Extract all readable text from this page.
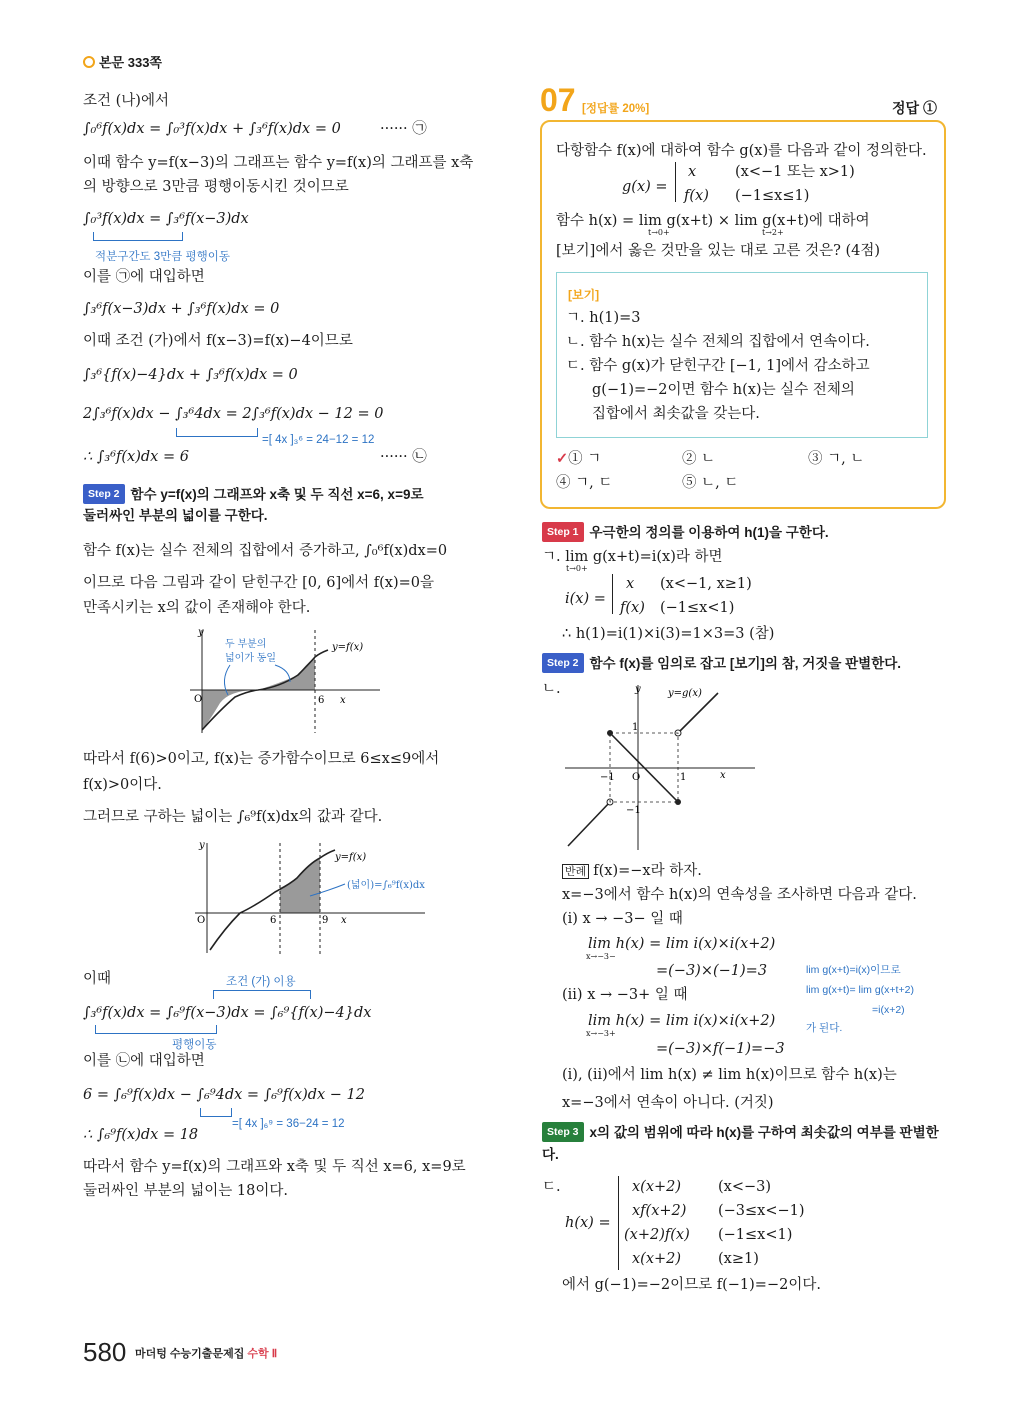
본문 333쪽
조건 (나)에서
∫₀⁶f(x)dx = ∫₀³f(x)dx + ∫₃⁶f(x)dx = 0	······ ㉠
이때 함수 y=f(x−3)의 그래프는 함수 y=f(x)의 그래프를 x축
의 방향으로 3만큼 평행이동시킨 것이므로
∫₀³f(x)dx = ∫₃⁶f(x−3)dx
적분구간도 3만큼 평행이동
이를 ㉠에 대입하면
∫₃⁶f(x−3)dx + ∫₃⁶f(x)dx = 0
이때 조건 (가)에서 f(x−3)=f(x)−4이므로
∫₃⁶{f(x)−4}dx + ∫₃⁶f(x)dx = 0
2∫₃⁶f(x)dx − ∫₃⁶4dx = 2∫₃⁶f(x)dx − 12 = 0
=[ 4x ]₃⁶ = 24−12 = 12
∴ ∫₃⁶f(x)dx = 6	······ ㉡
Step 2 함수 y=f(x)의 그래프와 x축 및 두 직선 x=6, x=9로
둘러싸인 부분의 넓이를 구한다.
함수 f(x)는 실수 전체의 집합에서 증가하고, ∫₀⁶f(x)dx=0
이므로 다음 그림과 같이 닫힌구간 [0, 6]에서 f(x)=0을
만족시키는 x의 값이 존재해야 한다.
y
x
O	6
y=f(x)
두 부분의
넓이가 동일
따라서 f(6)>0이고, f(x)는 증가함수이므로 6≤x≤9에서
f(x)>0이다.
그러므로 구하는 넓이는 ∫₆⁹f(x)dx의 값과 같다.
y
x
O	6	9
y=f(x)
(넓이)=∫₆⁹f(x)dx
이때	조건 (가) 이용
∫₃⁶f(x)dx = ∫₆⁹f(x−3)dx = ∫₆⁹{f(x)−4}dx
평행이동
이를 ㉡에 대입하면
6 = ∫₆⁹f(x)dx − ∫₆⁹4dx = ∫₆⁹f(x)dx − 12
=[ 4x ]₆⁹ = 36−24 = 12
∴ ∫₆⁹f(x)dx = 18
따라서 함수 y=f(x)의 그래프와 x축 및 두 직선 x=6, x=9로
둘러싸인 부분의 넓이는 18이다.
07 [정답률 20%]	정답 ①
다항함수 f(x)에 대하여 함수 g(x)를 다음과 같이 정의한다.
g(x) =
x	(x<−1 또는 x>1)
f(x) (−1≤x≤1)
함수 h(x) = lim g(x+t) × lim g(x+t)에 대하여
t→0+	t→2+
[보기]에서 옳은 것만을 있는 대로 고른 것은? (4점)
[보기]
ㄱ. h(1)=3
ㄴ. 함수 h(x)는 실수 전체의 집합에서 연속이다.
ㄷ. 함수 g(x)가 닫힌구간 [−1, 1]에서 감소하고
g(−1)=−2이면 함수 h(x)는 실수 전체의
집합에서 최솟값을 갖는다.
✓① ㄱ	② ㄴ	③ ㄱ, ㄴ
④ ㄱ, ㄷ	⑤ ㄴ, ㄷ
Step 1 우극한의 정의를 이용하여 h(1)을 구한다.
ㄱ. lim g(x+t)=i(x)라 하면
t→0+
i(x) =
x (x<−1, x≥1)
f(x) (−1≤x<1)
∴ h(1)=i(1)×i(3)=1×3=3 (참)
Step 2 함수 f(x)를 임의로 잡고 [보기]의 참, 거짓을 판별한다.
ㄴ.	y
x
O
y=g(x)
1
−1	1
−1
반례 f(x)=−x라 하자.
x=−3에서 함수 h(x)의 연속성을 조사하면 다음과 같다.
(i) x → −3− 일 때
lim h(x) = lim i(x)×i(x+2)
x→−3−
=(−3)×(−1)=3	lim g(x+t)=i(x)이므로
lim g(x+t)= lim g(x+t+2)
=i(x+2)
가 된다.
(ii) x → −3+ 일 때
lim h(x) = lim i(x)×i(x+2)
x→−3+
=(−3)×f(−1)=−3
(i), (ii)에서 lim h(x) ≠ lim h(x)이므로 함수 h(x)는
x=−3에서 연속이 아니다. (거짓)
Step 3 x의 값의 범위에 따라 h(x)를 구하여 최솟값의 여부를 판별한
다.
ㄷ.
h(x) =
x(x+2)	(x<−3)
xf(x+2) (−3≤x<−1)
(x+2)f(x) (−1≤x<1)
x(x+2)	(x≥1)
에서 g(−1)=−2이므로 f(−1)=−2이다.
580 마더텅 수능기출문제집 수학 Ⅱ
